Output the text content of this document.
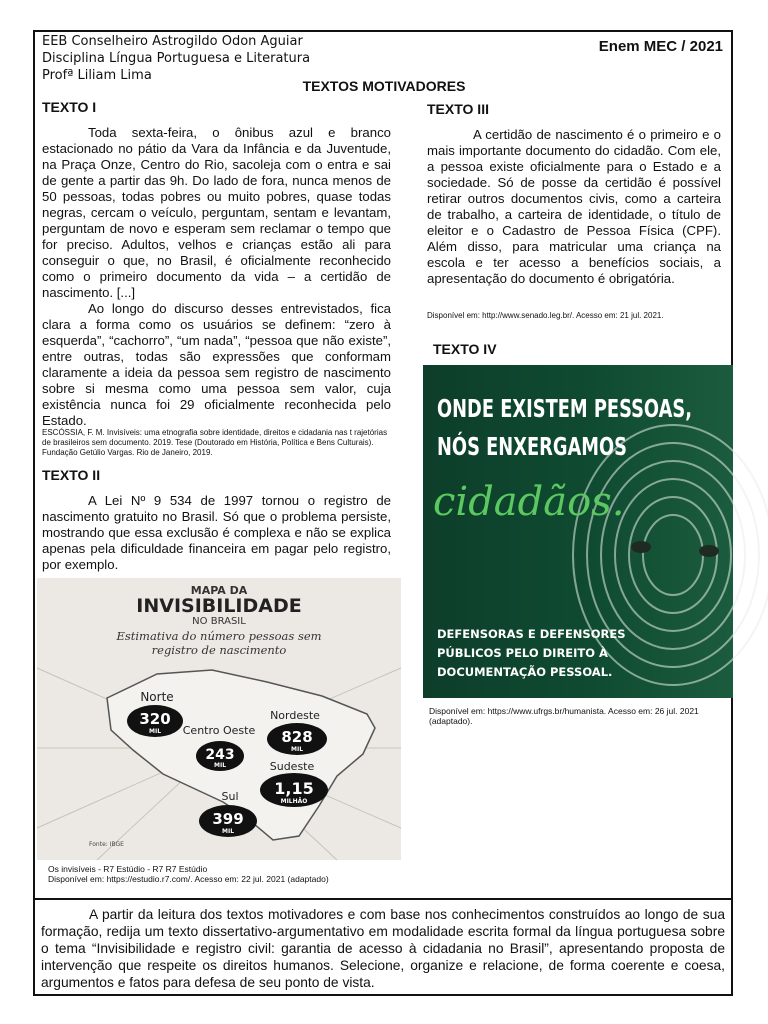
EEB Conselheiro Astrogildo Odon Aguiar
Disciplina Língua Portuguesa e Literatura
Profª Liliam Lima
Enem MEC / 2021
TEXTOS MOTIVADORES
TEXTO I

Toda sexta-feira, o ônibus azul e branco estacionado no pátio da Vara da Infância e da Juventude, na Praça Onze, Centro do Rio, sacoleja com o entra e sai de gente a partir das 9h. Do lado de fora, nunca menos de 50 pessoas, todas pobres ou muito pobres, quase todas negras, cercam o veículo, perguntam, sentam e levantam, perguntam de novo e esperam sem reclamar o tempo que for preciso. Adultos, velhos e crianças estão ali para conseguir o que, no Brasil, é oficialmente reconhecido como o primeiro documento da vida – a certidão de nascimento. [...]

Ao longo do discurso desses entrevistados, fica clara a forma como os usuários se definem: “zero à esquerda”, “cachorro”, “um nada”, “pessoa que não existe”, entre outras, todas são expressões que conformam claramente a ideia da pessoa sem registro de nascimento sobre si mesma como uma pessoa sem valor, cuja existência nunca foi 29 oficialmente reconhecida pelo Estado.

ESCÓSSIA, F. M. Invisíveis: uma etnografia sobre identidade, direitos e cidadania nas t rajetórias de brasileiros sem documento. 2019. Tese (Doutorado em História, Política e Bens Culturais). Fundação Getúlio Vargas. Rio de Janeiro, 2019.
TEXTO II

A Lei Nº 9 534 de 1997 tornou o registro de nascimento gratuito no Brasil. Só que o problema persiste, mostrando que essa exclusão é complexa e não se explica apenas pela dificuldade financeira em pagar pelo registro, por exemplo.

MAPA DA
INVISIBILIDADE
NO BRASIL
Estimativa do número pessoas sem
registro de nascimento
Norte
320
MIL Centro Oeste
243
MIL
Nordeste
828
MIL
Sudeste
1,15
MILHÃO
Sul
399
MIL
Fonte: IBGE
Os invisíveis - R7 Estúdio - R7 R7 Estúdio
Disponível em: https://estudio.r7.com/. Acesso em: 22 jul. 2021 (adaptado)
TEXTO III

A certidão de nascimento é o primeiro e o mais importante documento do cidadão. Com ele, a pessoa existe oficialmente para o Estado e a sociedade. Só de posse da certidão é possível retirar outros documentos civis, como a carteira de trabalho, a carteira de identidade, o título de eleitor e o Cadastro de Pessoa Física (CPF). Além disso, para matricular uma criança na escola e ter acesso a benefícios sociais, a apresentação do documento é obrigatória.

Disponível em: http://www.senado.leg.br/. Acesso em: 21 jul. 2021.
TEXTO IV
ONDE EXISTEM PESSOAS,
NÓS ENXERGAMOS
cidadãos.
DEFENSORAS E DEFENSORES
PÚBLICOS PELO DIREITO À
DOCUMENTAÇÃO PESSOAL.
Disponível em: https://www.ufrgs.br/humanista. Acesso em: 26 jul. 2021 (adaptado).

A partir da leitura dos textos motivadores e com base nos conhecimentos construídos ao longo de sua formação, redija um texto dissertativo-argumentativo em modalidade escrita formal da língua portuguesa sobre o tema “Invisibilidade e registro civil: garantia de acesso à cidadania no Brasil”, apresentando proposta de intervenção que respeite os direitos humanos. Selecione, organize e relacione, de forma coerente e coesa, argumentos e fatos para defesa de seu ponto de vista.
